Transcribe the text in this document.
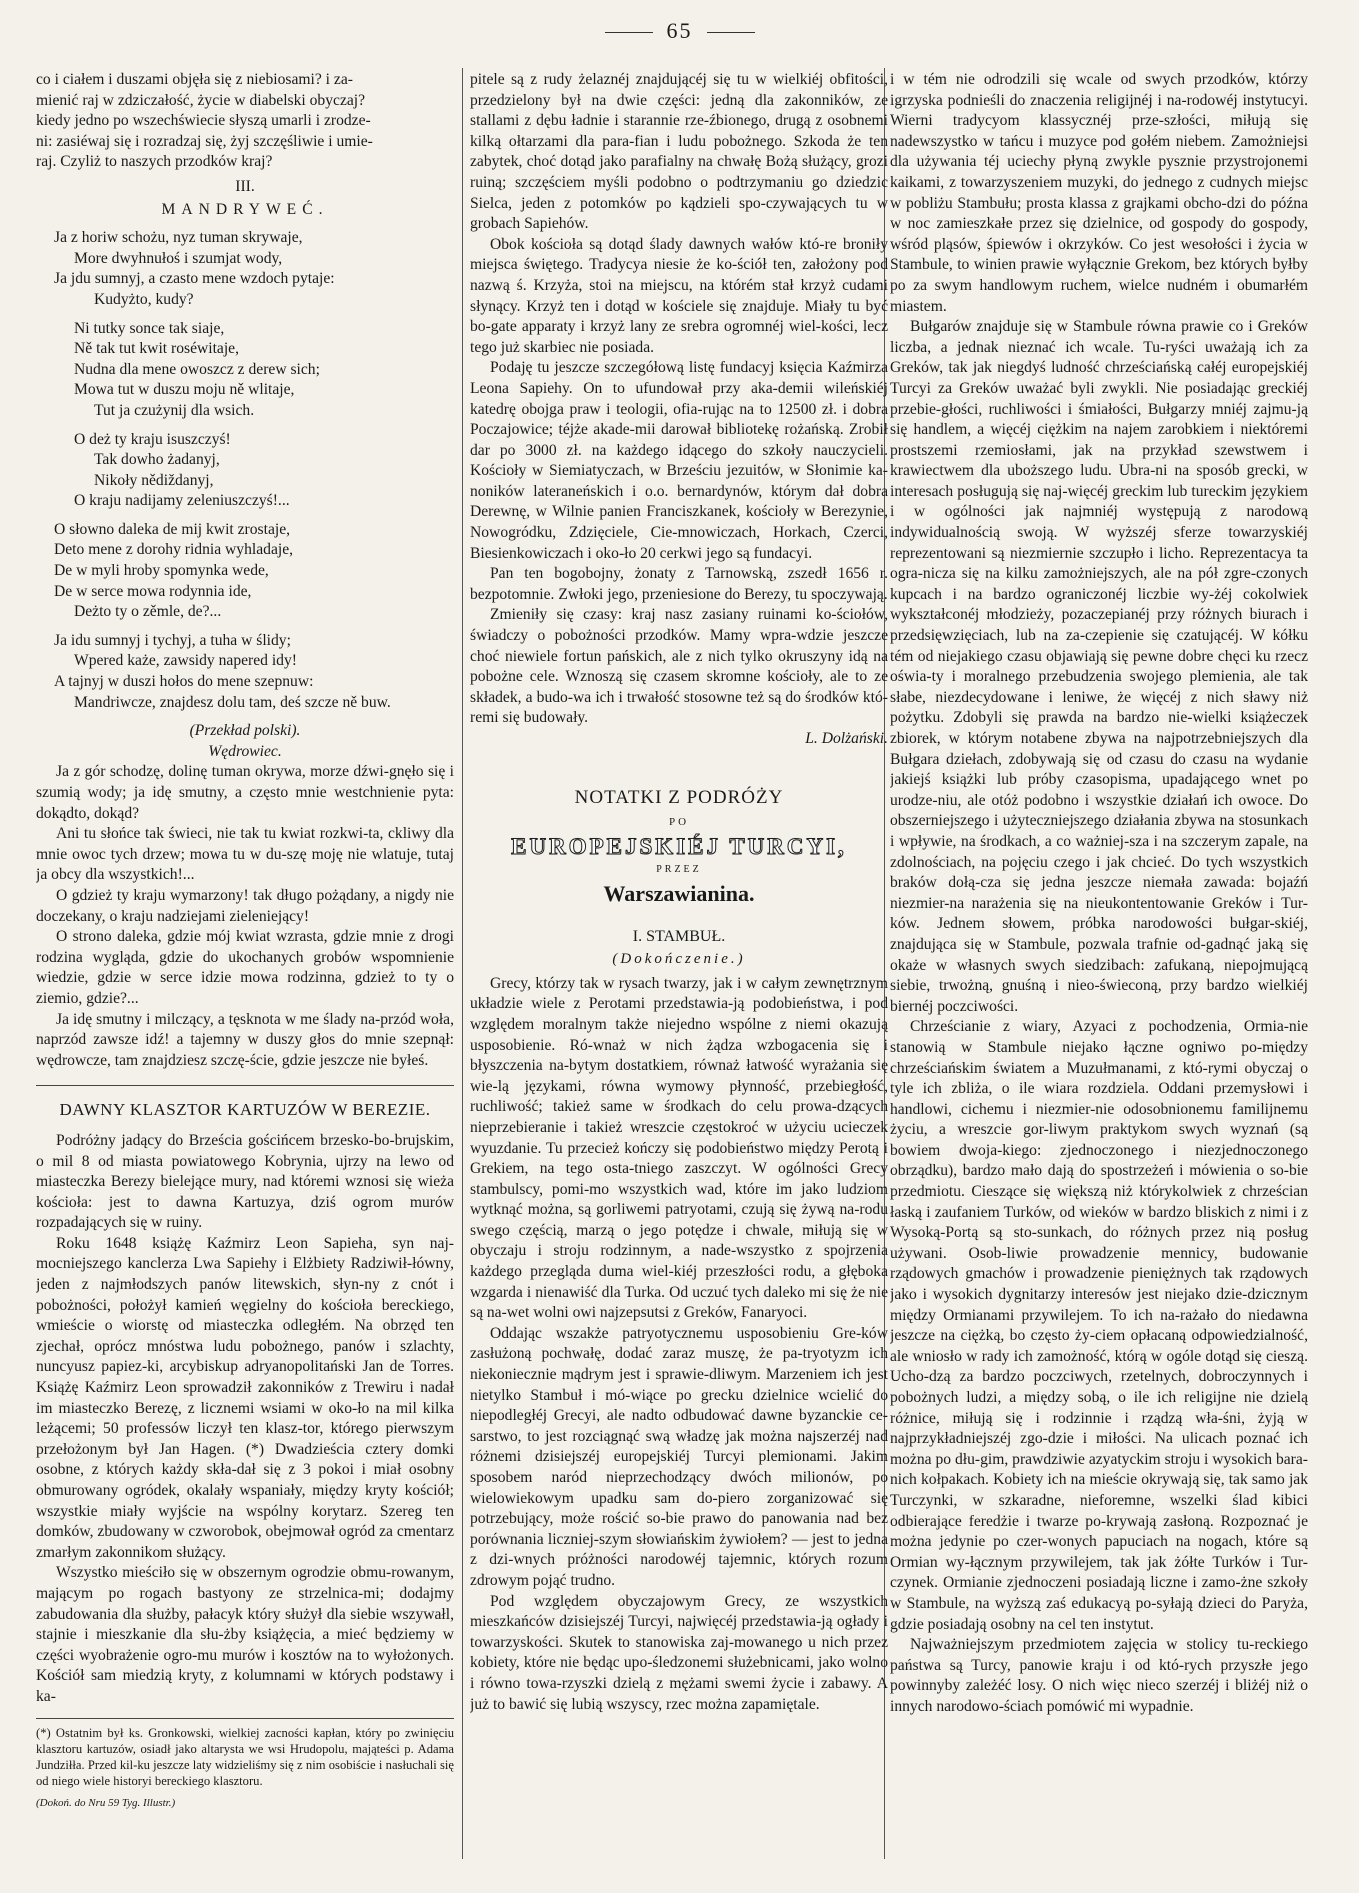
65
co i ciałem i duszami objęła się z niebiosami? i za-
mienić raj w zdziczałość, życie w diabelski obyczaj?
kiedy jedno po wszechświecie słyszą umarli i zrodze-
ni: zasiéwaj się i rozradzaj się, żyj szczęśliwie i umie-
raj. Czyliż to naszych przodków kraj?
III.
MANDRYWEĆ.
Ja z horiw schożu, nyz tuman skrywaje,
More dwyhnułoś i szumjat wody,
Ja jdu sumnyj, a czasto mene wzdoch pytaje:
Kudyżto, kudy?
Ni tutky sonce tak siaje,
Ně tak tut kwit roséwitaje,
Nudna dla mene owoszcz z derew sich;
Mowa tut w duszu moju ně wlitaje,
Tut ja czużynij dla wsich.
O deż ty kraju isuszczyś!
Tak dowho żadanyj,
Nikoły nědiždanyj,
O kraju nadijamy zeleniuszczyś!...
O słowno daleka de mij kwit zrostaje,
Deto mene z dorohy ridnia wyhladaje,
De w myli hroby spomynka wede,
De w serce mowa rodynnia ide,
Deżto ty o zěmle, de?...
Ja idu sumnyj i tychyj, a tuha w ślidy;
Wpered każe, zawsidy napered idy!
A tajnyj w duszi hołos do mene szepnuw:
Mandriwcze, znajdesz dolu tam, deś szcze ně buw.
(Przekład polski).
Wędrowiec.

Ja z gór schodzę, dolinę tuman okrywa, morze dźwi-gnęło się i szumią wody; ja idę smutny, a często mnie westchnienie pyta: dokądto, dokąd?

Ani tu słońce tak świeci, nie tak tu kwiat rozkwi-ta, ckliwy dla mnie owoc tych drzew; mowa tu w du-szę moję nie wlatuje, tutaj ja obcy dla wszystkich!...

O gdzież ty kraju wymarzony! tak długo pożądany, a nigdy nie doczekany, o kraju nadziejami zieleniejący!

O strono daleka, gdzie mój kwiat wzrasta, gdzie mnie z drogi rodzina wygląda, gdzie do ukochanych grobów wspomnienie wiedzie, gdzie w serce idzie mowa rodzinna, gdzież to ty o ziemio, gdzie?...

Ja idę smutny i milczący, a tęsknota w me ślady na-przód woła, naprzód zawsze idź! a tajemny w duszy głos do mnie szepnął: wędrowcze, tam znajdziesz szczę-ście, gdzie jeszcze nie byłeś.

DAWNY KLASZTOR KARTUZÓW W BEREZIE.

Podróżny jadący do Brześcia gościńcem brzesko-bo-brujskim, o mil 8 od miasta powiatowego Kobrynia, ujrzy na lewo od miasteczka Berezy bielejące mury, nad któremi wznosi się wieża kościoła: jest to dawna Kartuzya, dziś ogrom murów rozpadających się w ruiny.

Roku 1648 książę Kaźmirz Leon Sapieha, syn naj-mocniejszego kanclerza Lwa Sapiehy i Elżbiety Radziwił-łówny, jeden z najmłodszych panów litewskich, słyn-ny z cnót i pobożności, położył kamień węgielny do kościoła bereckiego, wmieście o wiorstę od miasteczka odległém. Na obrzęd ten zjechał, oprócz mnóstwa ludu pobożnego, panów i szlachty, nuncyusz papiez-ki, arcybiskup adryanopolitański Jan de Torres. Książę Kaźmirz Leon sprowadził zakonników z Trewiru i nadał im miasteczko Berezę, z licznemi wsiami w oko-ło na mil kilka leżącemi; 50 professów liczył ten klasz-tor, którego pierwszym przełożonym był Jan Hagen. (*) Dwadzieścia cztery domki osobne, z których każdy skła-dał się z 3 pokoi i miał osobny obmurowany ogródek, okalały wspaniały, między kryty kościół; wszystkie miały wyjście na wspólny korytarz. Szereg ten domków, zbudowany w czworobok, obejmował ogród za cmentarz zmarłym zakonnikom służący.

Wszystko mieściło się w obszernym ogrodzie obmu-rowanym, mającym po rogach bastyony ze strzelnica-mi; dodajmy zabudowania dla służby, pałacyk który służył dla siebie wszywałl, stajnie i mieszkanie dla słu-żby książęcia, a mieć będziemy w części wyobrażenie ogro-mu murów i kosztów na to wyłożonych. Kościół sam miedzią kryty, z kolumnami w których podstawy i ka-

(*) Ostatnim był ks. Gronkowski, wielkiej zacności kapłan, który po zwinięciu klasztoru kartuzów, osiadł jako altarysta we wsi Hrudopolu, mająteści p. Adama Jundziłła. Przed kil-ku jeszcze laty widzieliśmy się z nim osobiście i nasłuchali się od niego wiele historyi bereckiego klasztoru.
(Dokoń. do Nru 59 Tyg. Illustr.)

pitele są z rudy żelaznéj znajdującéj się tu w wielkiéj obfitości, przedzielony był na dwie części: jedną dla zakonników, ze stallami z dębu ładnie i starannie rze-źbionego, drugą z osobnemi kilką ołtarzami dla para-fian i ludu pobożnego. Szkoda że ten zabytek, choć dotąd jako parafialny na chwałę Bożą służący, grozi ruiną; szczęściem myśli podobno o podtrzymaniu go dziedzic Sielca, jeden z potomków po kądzieli spo-czywających tu w grobach Sapiehów.

Obok kościoła są dotąd ślady dawnych wałów któ-re broniły miejsca świętego. Tradycya niesie że ko-ściół ten, założony pod nazwą ś. Krzyża, stoi na miejscu, na którém stał krzyż cudami słynący. Krzyż ten i dotąd w kościele się znajduje. Miały tu być bo-gate apparaty i krzyż lany ze srebra ogromnéj wiel-kości, lecz tego już skarbiec nie posiada.

Podaję tu jeszcze szczegółową listę fundacyj księcia Kaźmirza Leona Sapiehy. On to ufundował przy aka-demii wileńskiéj katedrę obojga praw i teologii, ofia-rując na to 12500 zł. i dobra Poczajowice; téjże akade-mii darował bibliotekę rożańską. Zrobił dar po 3000 zł. na każdego idącego do szkoły nauczycieli. Kościoły w Siemiatyczach, w Brześciu jezuitów, w Słonimie ka-noników lateraneńskich i o.o. bernardynów, którym dał dobra Derewnę, w Wilnie panien Franciszkanek, kościoły w Berezynie, Nowogródku, Zdzięciele, Cie-mnowiczach, Horkach, Czerci, Biesienkowiczach i oko-ło 20 cerkwi jego są fundacyi.

Pan ten bogobojny, żonaty z Tarnowską, zszedł 1656 r. bezpotomnie. Zwłoki jego, przeniesione do Berezy, tu spoczywają.

Zmieniły się czasy: kraj nasz zasiany ruinami ko-ściołów, świadczy o pobożności przodków. Mamy wpra-wdzie jeszcze choć niewiele fortun pańskich, ale z nich tylko okruszyny idą na pobożne cele. Wznoszą się czasem skromne kościoły, ale to ze składek, a budo-wa ich i trwałość stosowne też są do środków któ-remi się budowały.

L. Dolżański.
NOTATKI Z PODRÓŻY
PO
EUROPEJSKIÉJ TURCYI,
PRZEZ
Warszawianina.
I. STAMBUŁ.
(Dokończenie.)

Grecy, którzy tak w rysach twarzy, jak i w całym zewnętrznym układzie wiele z Perotami przedstawia-ją podobieństwa, i pod względem moralnym także niejedno wspólne z niemi okazują usposobienie. Ró-wnaż w nich żądza wzbogacenia się i błyszczenia na-bytym dostatkiem, równaż łatwość wyrażania się wie-lą językami, równa wymowy płynność, przebiegłość, ruchliwość; takież same w środkach do celu prowa-dzących nieprzebieranie i takież wreszcie częstokroć w użyciu ucieczek wyuzdanie. Tu przecież kończy się podobieństwo między Perotą i Grekiem, na tego osta-tniego zaszczyt. W ogólności Grecy stambulscy, pomi-mo wszystkich wad, które im jako ludziom wytknąć można, są gorliwemi patryotami, czują się żywą na-rodu swego częścią, marzą o jego potędze i chwale, miłują się w obyczaju i stroju rodzinnym, a nade-wszystko z spojrzenia każdego przegląda duma wiel-kiéj przeszłości rodu, a głęboka wzgarda i nienawiść dla Turka. Od uczuć tych daleko mi się że nie są na-wet wolni owi najzepsutsi z Greków, Fanaryoci.

Oddając wszakże patryotycznemu usposobieniu Gre-ków zasłużoną pochwałę, dodać zaraz muszę, że pa-tryotyzm ich niekoniecznie mądrym jest i sprawie-dliwym. Marzeniem ich jest nietylko Stambuł i mó-wiące po grecku dzielnice wcielić do niepodległéj Grecyi, ale nadto odbudować dawne byzanckie ce-sarstwo, to jest rozciągnąć swą władzę jak można najszerzéj nad różnemi dzisiejszéj europejskiéj Turcyi plemionami. Jakim sposobem naród nieprzechodzący dwóch milionów, po wielowiekowym upadku sam do-piero zorganizować się potrzebujący, może rościć so-bie prawo do panowania nad bez porównania liczniej-szym słowiańskim żywiołem? — jest to jedna z dzi-wnych próżności narodowéj tajemnic, których rozum zdrowym pojąć trudno.

Pod względem obyczajowym Grecy, ze wszystkich mieszkańców dzisiejszéj Turcyi, najwięcéj przedstawia-ją ogłady i towarzyskości. Skutek to stanowiska zaj-mowanego u nich przez kobiety, które nie będąc upo-śledzonemi służebnicami, jako wolno i równo towa-rzyszki dzielą z mężami swemi życie i zabawy. A już to bawić się lubią wszyscy, rzec można zapamiętale.

i w tém nie odrodzili się wcale od swych przodków, którzy igrzyska podnieśli do znaczenia religijnéj i na-rodowéj instytucyi. Wierni tradycyom klassycznéj prze-szłości, miłują się nadewszystko w tańcu i muzyce pod gołém niebem. Zamożniejsi dla używania téj uciechy płyną zwykle pysznie przystrojonemi kaikami, z towarzyszeniem muzyki, do jednego z cudnych miejsc w pobliżu Stambułu; prosta klassa z grajkami obcho-dzi do późna w noc zamieszkałe przez się dzielnice, od gospody do gospody, wśród pląsów, śpiewów i okrzyków. Co jest wesołości i życia w Stambule, to winien prawie wyłącznie Grekom, bez których byłby po za swym handlowym ruchem, wielce nudném i obumarłém miastem.

Bułgarów znajduje się w Stambule równa prawie co i Greków liczba, a jednak nieznać ich wcale. Tu-ryści uważają ich za Greków, tak jak niegdyś ludność chrześciańską całéj europejskiéj Turcyi za Greków uważać byli zwykli. Nie posiadając greckiéj przebie-głości, ruchliwości i śmiałości, Bułgarzy mniéj zajmu-ją się handlem, a więcéj ciężkim na najem zarobkiem i niektóremi prostszemi rzemiosłami, jak na przykład szewstwem i krawiectwem dla uboższego ludu. Ubra-ni na sposób grecki, w interesach posługują się naj-więcéj greckim lub tureckim językiem i w ogólności jak najmniéj występują z narodową indywidualnością swoją. W wyższéj sferze towarzyskiéj reprezentowani są niezmiernie szczupło i licho. Reprezentacya ta ogra-nicza się na kilku zamożniejszych, ale na pół zgre-czonych kupcach i na bardzo ograniczonéj liczbie wy-żéj cokolwiek wykształconéj młodzieży, pozaczepianéj przy różnych biurach i przedsięwzięciach, lub na za-czepienie się czatującéj. W kółku tém od niejakiego czasu objawiają się pewne dobre chęci ku rzecz oświa-ty i moralnego przebudzenia swojego plemienia, ale tak słabe, niezdecydowane i leniwe, że więcéj z nich sławy niż pożytku. Zdobyli się prawda na bardzo nie-wielki książeczek zbiorek, w którym notabene zbywa na najpotrzebniejszych dla Bułgara dziełach, zdobywają się od czasu do czasu na wydanie jakiejś książki lub próby czasopisma, upadającego wnet po urodze-niu, ale otóż podobno i wszystkie działań ich owoce. Do obszerniejszego i użyteczniejszego działania zbywa na stosunkach i wpływie, na środkach, a co ważniej-sza i na szczerym zapale, na zdolnościach, na pojęciu czego i jak chcieć. Do tych wszystkich braków dołą-cza się jedna jeszcze niemała zawada: bojaźń niezmier-na narażenia się na nieukontentowanie Greków i Tur-ków. Jednem słowem, próbka narodowości bułgar-skiéj, znajdująca się w Stambule, pozwala trafnie od-gadnąć jaką się okaże w własnych swych siedzibach: zafukaną, niepojmującą siebie, trwożną, gnuśną i nieo-świeconą, przy bardzo wielkiéj biernéj poczciwości.

Chrześcianie z wiary, Azyaci z pochodzenia, Ormia-nie stanowią w Stambule niejako łączne ogniwo po-między chrześciańskim światem a Muzułmanami, z któ-rymi obyczaj o tyle ich zbliża, o ile wiara rozdziela. Oddani przemysłowi i handlowi, cichemu i niezmier-nie odosobnionemu familijnemu życiu, a wreszcie gor-liwym praktykom swych wyznań (są bowiem dwoja-kiego: zjednoczonego i niezjednoczonego obrządku), bardzo mało dają do spostrzeżeń i mówienia o so-bie przedmiotu. Cieszące się większą niż którykolwiek z chrześcian łaską i zaufaniem Turków, od wieków w bardzo bliskich z nimi i z Wysoką-Portą są sto-sunkach, do różnych przez nią posług używani. Osob-liwie prowadzenie mennicy, budowanie rządowych gmachów i prowadzenie pieniężnych tak rządowych jako i wysokich dygnitarzy interesów jest niejako dzie-dzicznym między Ormianami przywilejem. To ich na-rażało do niedawna jeszcze na ciężką, bo często ży-ciem opłacaną odpowiedzialność, ale wniosło w rady ich zamożność, którą w ogóle dotąd się cieszą. Ucho-dzą za bardzo poczciwych, rzetelnych, dobroczynnych i pobożnych ludzi, a między sobą, o ile ich religijne nie dzielą różnice, miłują się i rodzinnie i rządzą wła-śni, żyją w najprzykładniejszéj zgo-dzie i miłości. Na ulicach poznać ich można po dłu-gim, prawdziwie azyatyckim stroju i wysokich bara-nich kołpakach. Kobiety ich na mieście okrywają się, tak samo jak Turczynki, w szkaradne, nieforemne, wszelki ślad kibici odbierające feredżie i twarze po-krywają zasłoną. Rozpoznać je można jedynie po czer-wonych papuciach na nogach, które są Ormian wy-łącznym przywilejem, tak jak żółte Turków i Tur-czynek. Ormianie zjednoczeni posiadają liczne i zamo-żne szkoły w Stambule, na wyższą zaś edukacyą po-syłają dzieci do Paryża, gdzie posiadają osobny na cel ten instytut.

Najważniejszym przedmiotem zajęcia w stolicy tu-reckiego państwa są Turcy, panowie kraju i od któ-rych przyszłe jego powinnyby zależéć losy. O nich więc nieco szerzéj i bliżéj niż o innych narodowo-ściach pomówić mi wypadnie.
